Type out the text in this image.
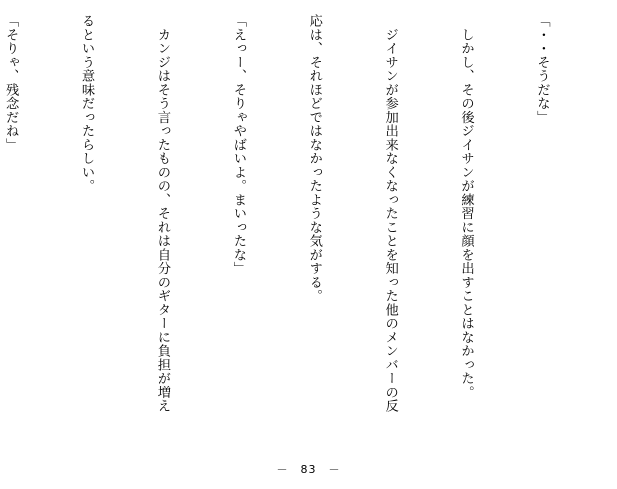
「・・そうだな」

　しかし、その後ジイサンが練習に顔を出すことはなかった。

　ジイサンが参加出来なくなったことを知った他のメンバーの反

応は、それほどではなかったような気がする。

「えっー、そりゃやばいよ。まいったな」

　カンジはそう言ったものの、それは自分のギターに負担が増え

るという意味だったらしい。

「そりゃ、残念だね」

－　83　－
